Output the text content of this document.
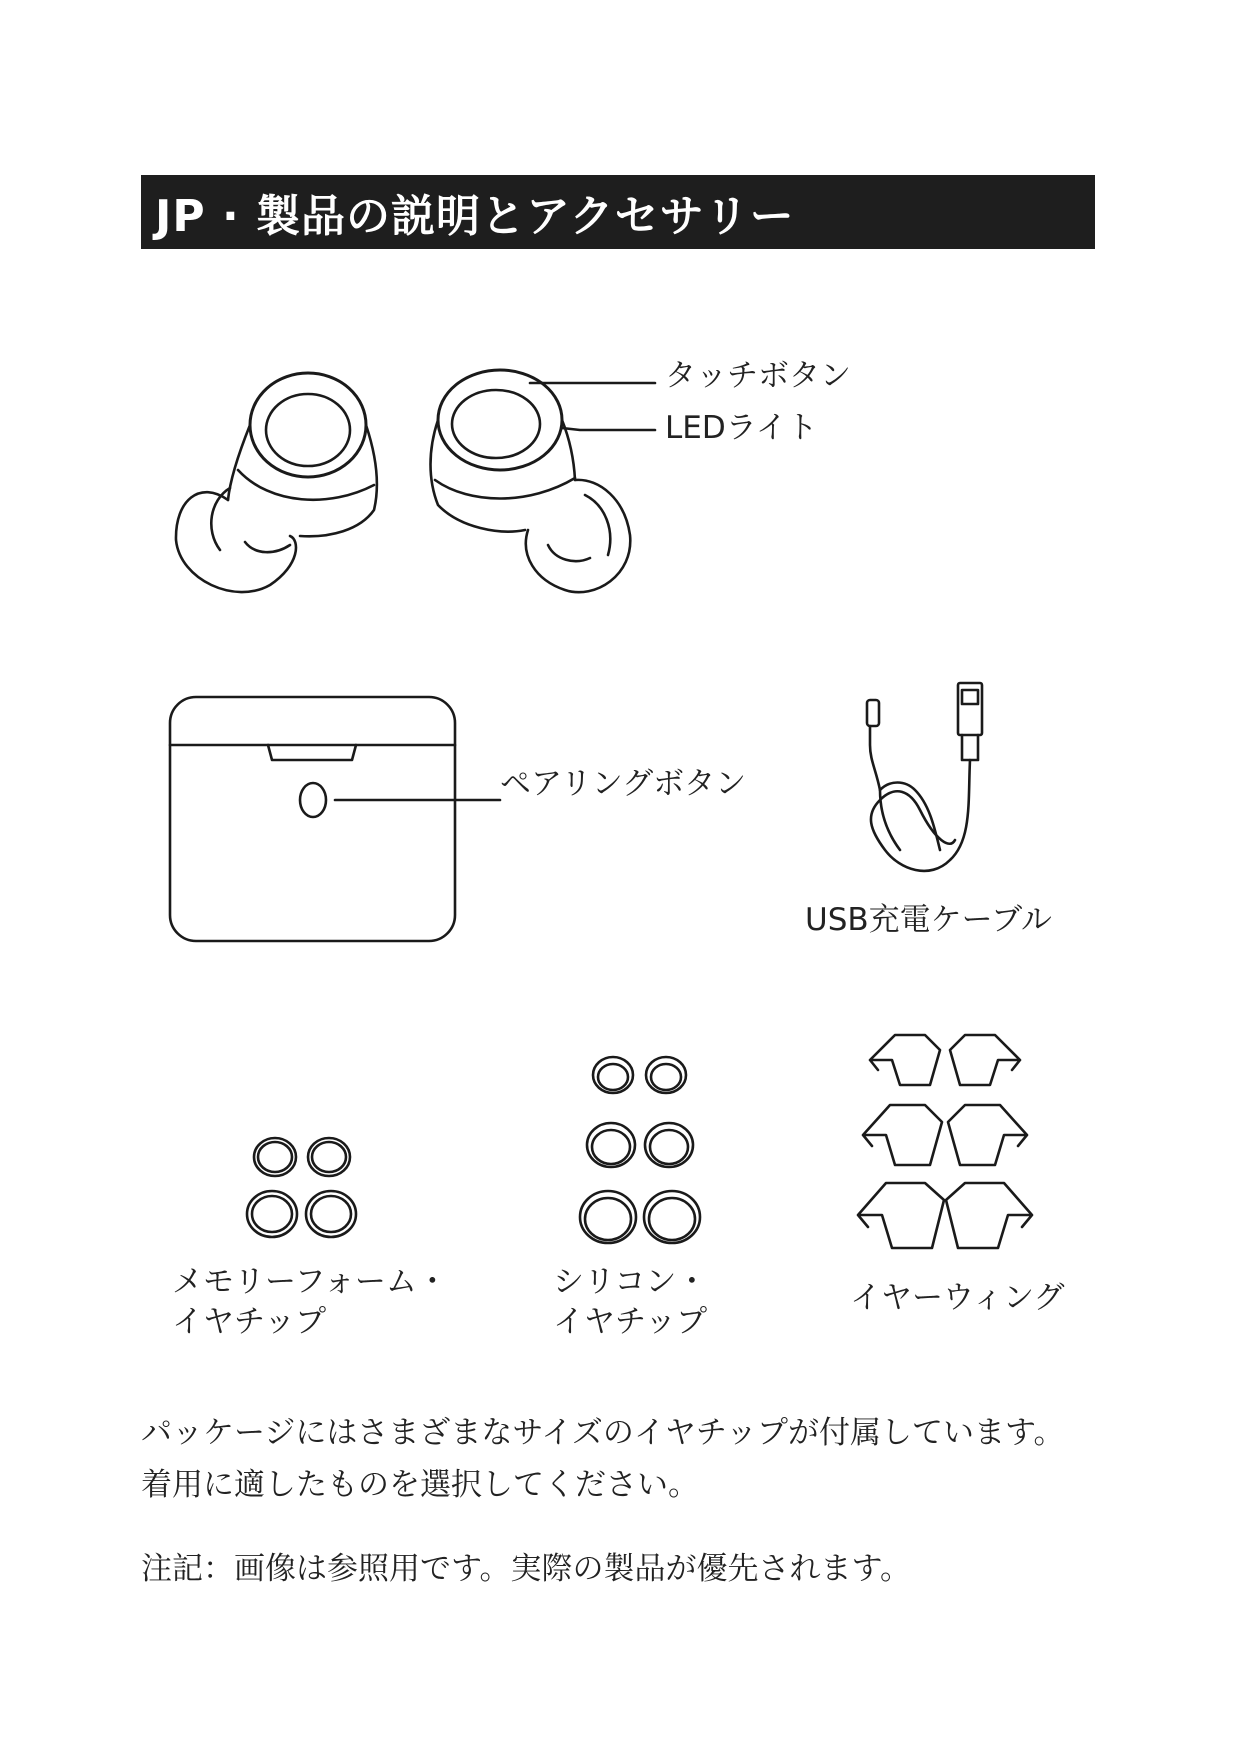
JP · 製品の説明とアクセサリー
タッチボタン
LEDライト
ペアリングボタン
USB充電ケーブル
メモリーフォーム・
イヤチップ
シリコン・
イヤチップ
イヤーウィング
パッケージにはさまざまなサイズのイヤチップが付属しています。
着用に適したものを選択してください。
注記：画像は参照用です。実際の製品が優先されます。
